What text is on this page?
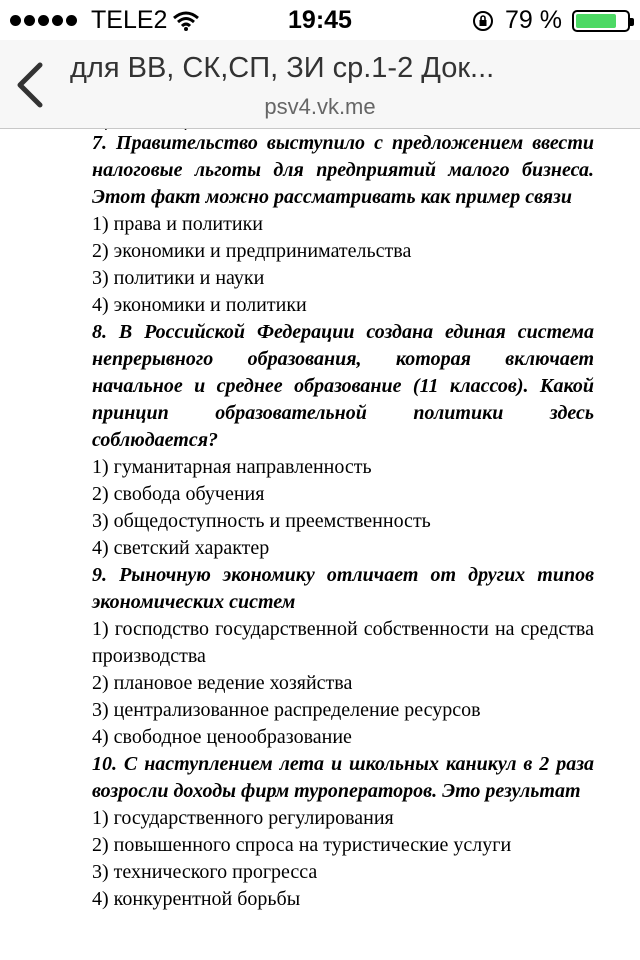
TELE2	19:45	79 %

7. Правительство выступило с предложением ввести налоговые льготы для предприятий малого бизнеса. Этот факт можно рассматривать как пример связи

1) права и политики

2) экономики и предпринимательства

3) политики и науки

4) экономики и политики

8. В Российской Федерации создана единая система непрерывного образования, которая включает начальное и среднее образование (11 классов). Какой принцип образовательной политики здесь соблюдается?

1) гуманитарная направленность

2) свобода обучения

3) общедоступность и преемственность

4) светский характер

9. Рыночную экономику отличает от других типов экономических систем

1) господство государственной собственности на средства производства

2) плановое ведение хозяйства

3) централизованное распределение ресурсов

4) свободное ценообразование

10. С наступлением лета и школьных каникул в 2 раза возросли доходы фирм туроператоров. Это результат

1) государственного регулирования

2) повышенного спроса на туристические услуги

3) технического прогресса

4) конкурентной борьбы

для ВВ, СК,СП, ЗИ ср.1-2 Док...
psv4.vk.me
